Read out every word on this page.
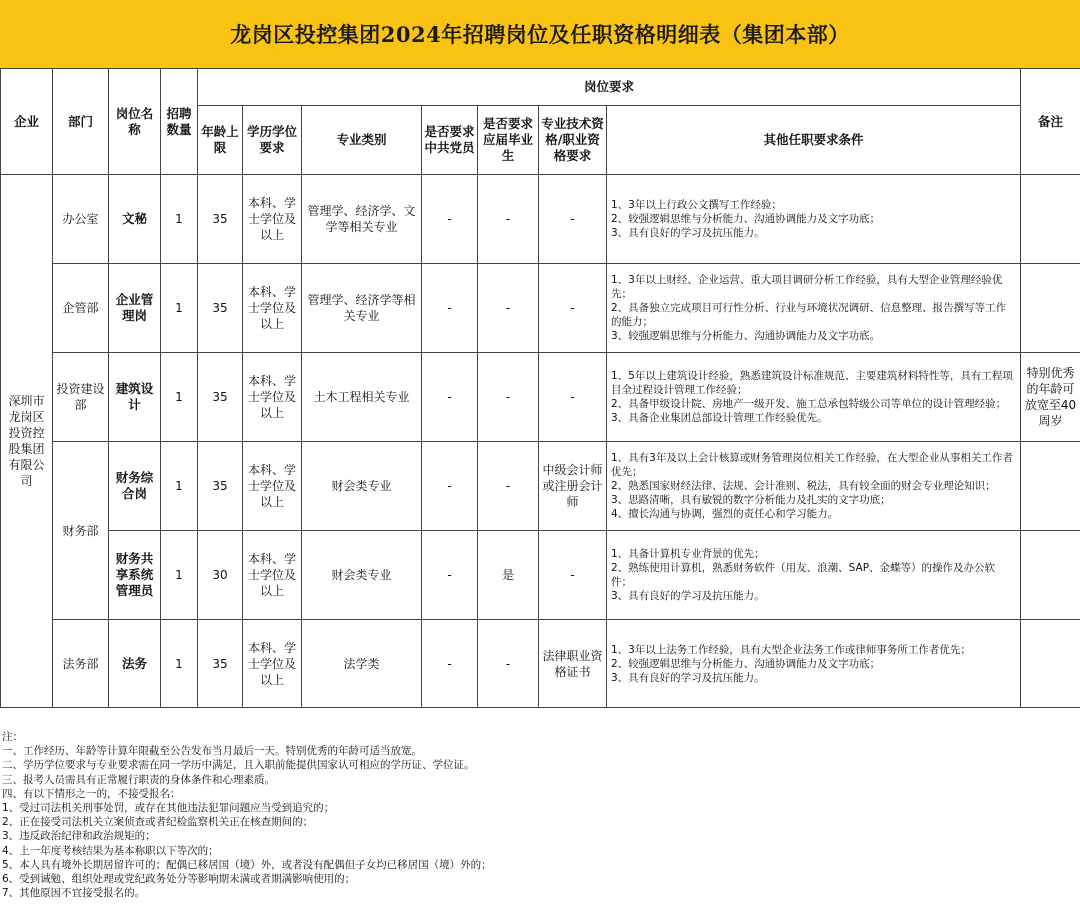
龙岗区投控集团2024年招聘岗位及任职资格明细表（集团本部）
企业	部门	岗位名称	招聘数量	岗位要求							备注
				年龄上限	学历学位要求	专业类别	是否要求中共党员	是否要求应届毕业生	专业技术资格/职业资格要求	其他任职要求条件	
深圳市龙岗区投资控股集团有限公司	办公室	文秘	1	35	本科、学士学位及以上	管理学、经济学、文学等相关专业	-	-	-	1、3年以上行政公文撰写工作经验；
2、较强逻辑思维与分析能力、沟通协调能力及文字功底；
3、具有良好的学习及抗压能力。	

	企管部	企业管理岗	1	35	本科、学士学位及以上	管理学、经济学等相关专业	-	-	-	1、3年以上财经、企业运营、重大项目调研分析工作经验，具有大型企业管理经验优先；
2、具备独立完成项目可行性分析、行业与环境状况调研、信息整理、报告撰写等工作的能力；
3、较强逻辑思维与分析能力、沟通协调能力及文字功底。	

	投资建设部	建筑设计	1	35	本科、学士学位及以上	土木工程相关专业	-	-	-	1、5年以上建筑设计经验，熟悉建筑设计标准规范、主要建筑材料特性等，具有工程项目全过程设计管理工作经验；
2、具备甲级设计院、房地产一级开发、施工总承包特级公司等单位的设计管理经验；
3、具备企业集团总部设计管理工作经验优先。	特别优秀的年龄可放宽至40周岁
	财务部	财务综合岗	1	35	本科、学士学位及以上	财会类专业	-	-	中级会计师或注册会计师	1、具有3年及以上会计核算或财务管理岗位相关工作经验，在大型企业从事相关工作者优先；
2、熟悉国家财经法律、法规、会计准则、税法，具有较全面的财会专业理论知识；
3、思路清晰，具有敏锐的数字分析能力及扎实的文字功底；
4、擅长沟通与协调，强烈的责任心和学习能力。	

		财务共享系统管理员	1	30	本科、学士学位及以上	财会类专业	-	是	-	1、具备计算机专业背景的优先；
2、熟练使用计算机，熟悉财务软件（用友、浪潮、SAP、金蝶等）的操作及办公软件；
3、具有良好的学习及抗压能力。	

	法务部	法务	1	35	本科、学士学位及以上	法学类	-	-	法律职业资格证书	1、3年以上法务工作经验，具有大型企业法务工作或律师事务所工作者优先；
2、较强逻辑思维与分析能力、沟通协调能力及文字功底；
3、具有良好的学习及抗压能力。	

注：
一、工作经历、年龄等计算年限截至公告发布当月最后一天。特别优秀的年龄可适当放宽。
二、学历学位要求与专业要求需在同一学历中满足，且入职前能提供国家认可相应的学历证、学位证。
三、报考人员需具有正常履行职责的身体条件和心理素质。
四、有以下情形之一的，不接受报名：
1、受过司法机关刑事处罚，或存在其他违法犯罪问题应当受到追究的；
2、正在接受司法机关立案侦查或者纪检监察机关正在核查期间的；
3、违反政治纪律和政治规矩的；
4、上一年度考核结果为基本称职以下等次的；
5、本人具有境外长期居留许可的；配偶已移居国（境）外，或者没有配偶但子女均已移居国（境）外的；
6、受到诫勉、组织处理或党纪政务处分等影响期未满或者期满影响使用的；
7、其他原因不宜接受报名的。
